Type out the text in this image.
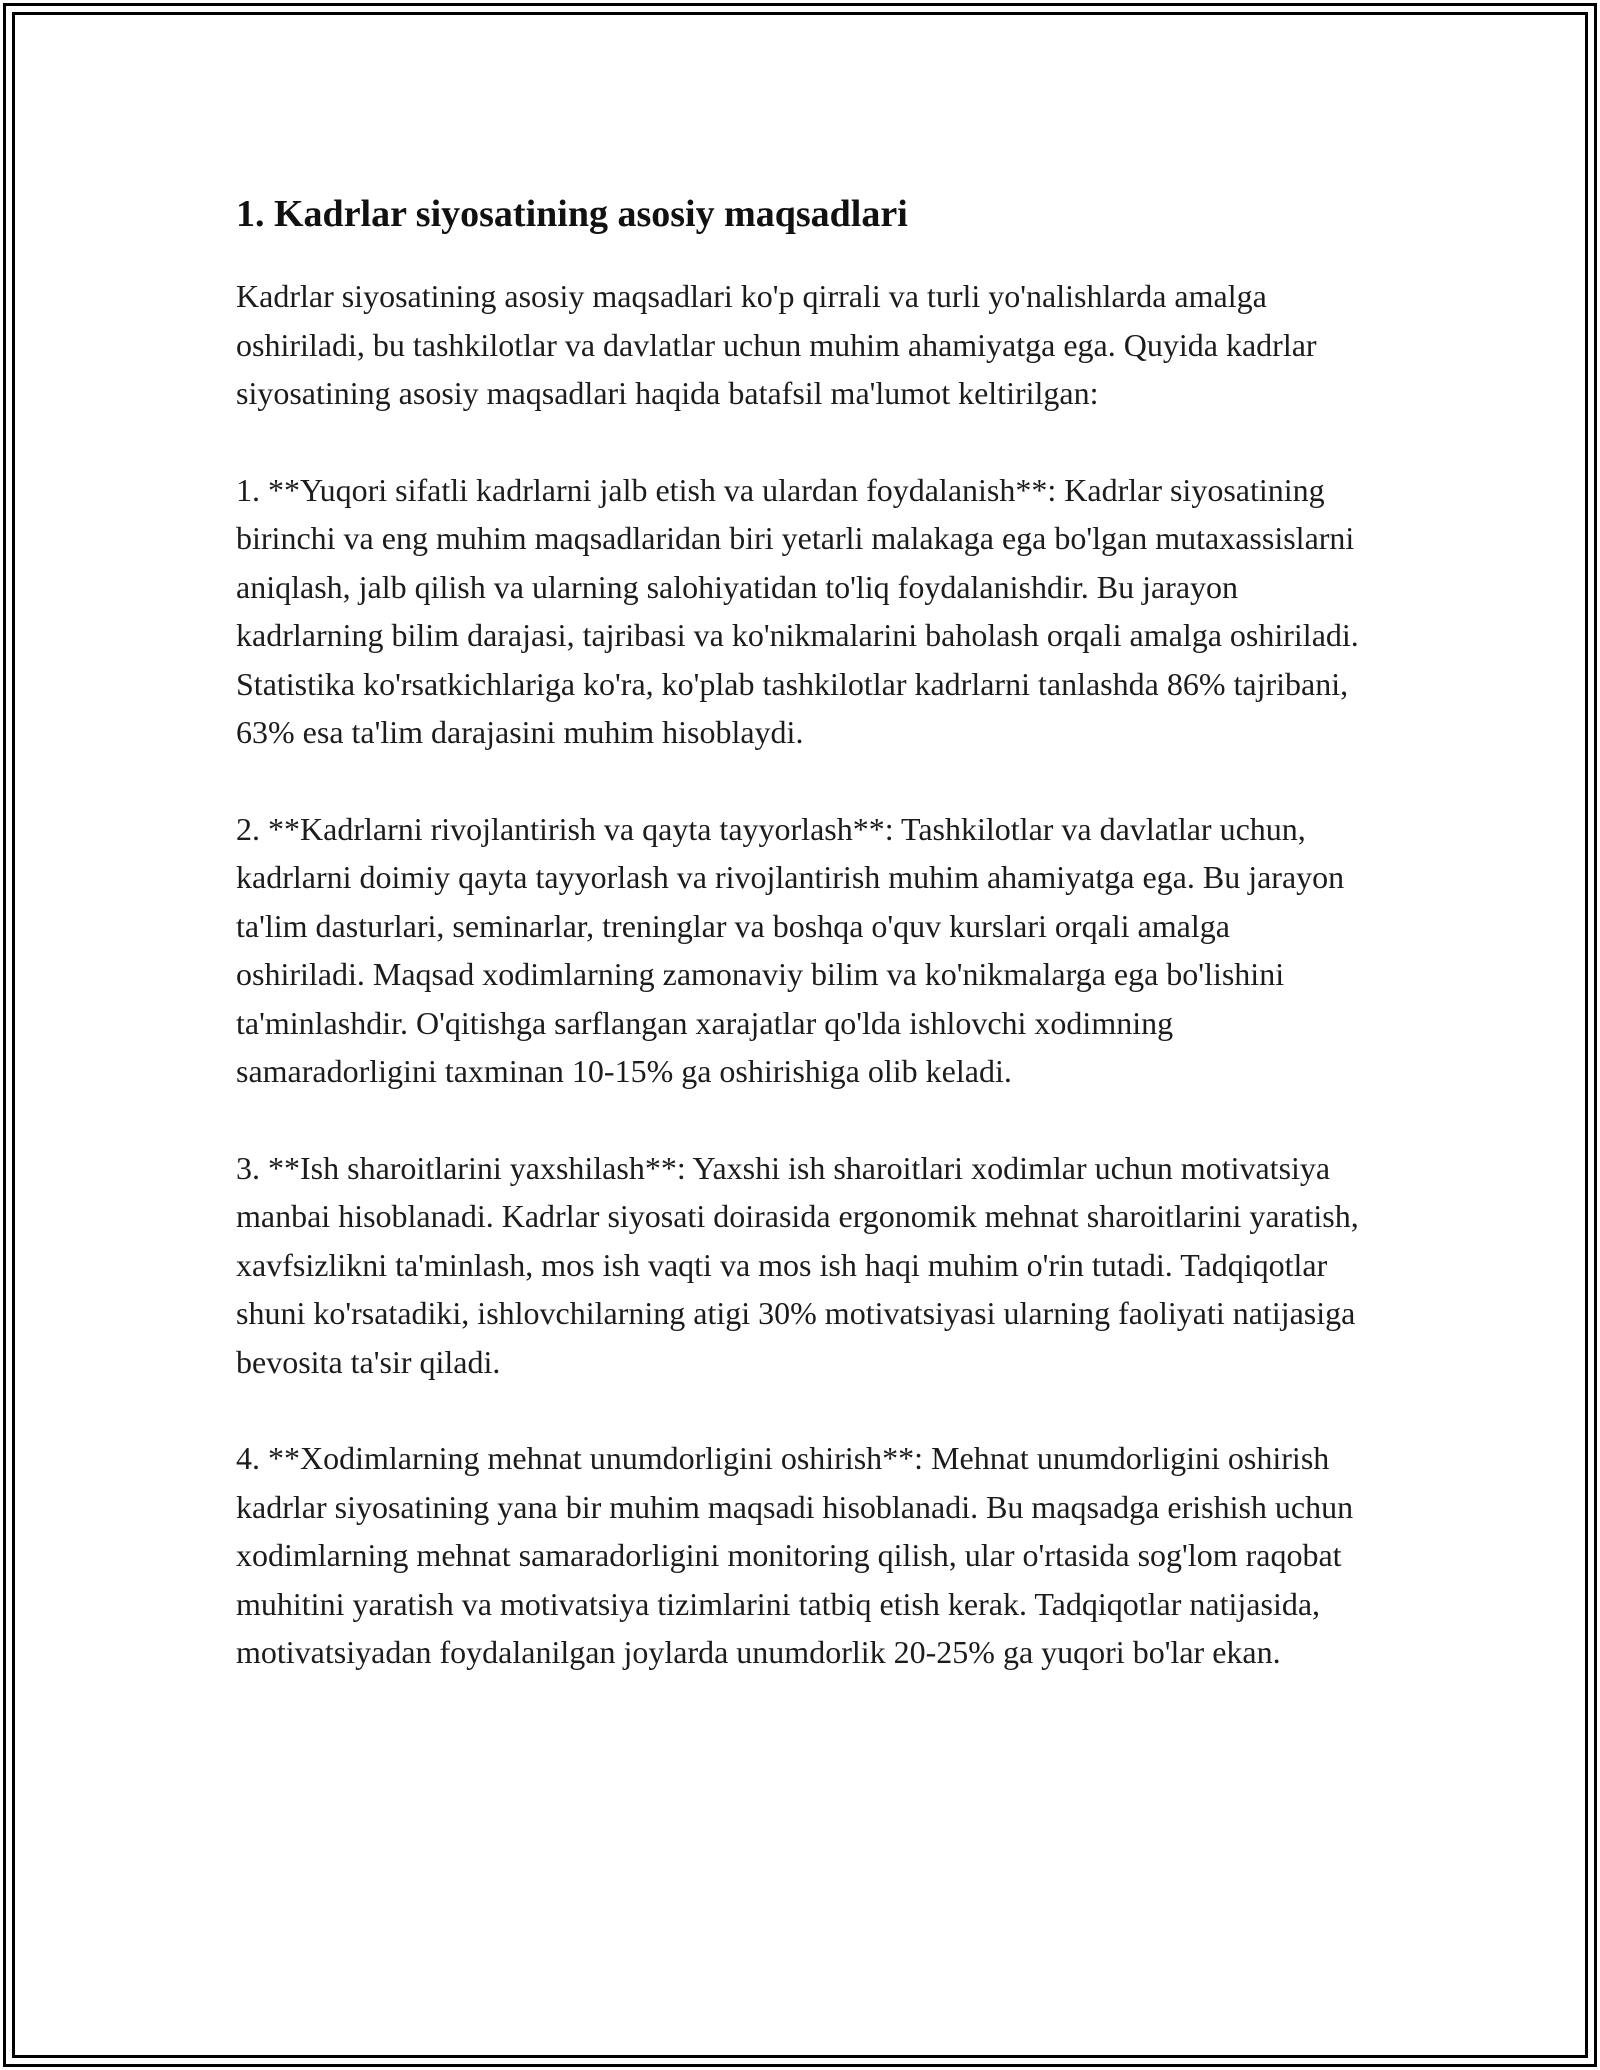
1. Kadrlar siyosatining asosiy maqsadlari

Kadrlar siyosatining asosiy maqsadlari ko'p qirrali va turli yo'nalishlarda amalga oshiriladi, bu tashkilotlar va davlatlar uchun muhim ahamiyatga ega. Quyida kadrlar siyosatining asosiy maqsadlari haqida batafsil ma'lumot keltirilgan:

1. **Yuqori sifatli kadrlarni jalb etish va ulardan foydalanish**: Kadrlar siyosatining birinchi va eng muhim maqsadlaridan biri yetarli malakaga ega bo'lgan mutaxassislarni aniqlash, jalb qilish va ularning salohiyatidan to'liq foydalanishdir. Bu jarayon kadrlarning bilim darajasi, tajribasi va ko'nikmalarini baholash orqali amalga oshiriladi. Statistika ko'rsatkichlariga ko'ra, ko'plab tashkilotlar kadrlarni tanlashda 86% tajribani, 63% esa ta'lim darajasini muhim hisoblaydi.

2. **Kadrlarni rivojlantirish va qayta tayyorlash**: Tashkilotlar va davlatlar uchun, kadrlarni doimiy qayta tayyorlash va rivojlantirish muhim ahamiyatga ega. Bu jarayon ta'lim dasturlari, seminarlar, treninglar va boshqa o'quv kurslari orqali amalga oshiriladi. Maqsad xodimlarning zamonaviy bilim va ko'nikmalarga ega bo'lishini ta'minlashdir. O'qitishga sarflangan xarajatlar qo'lda ishlovchi xodimning samaradorligini taxminan 10-15% ga oshirishiga olib keladi.

3. **Ish sharoitlarini yaxshilash**: Yaxshi ish sharoitlari xodimlar uchun motivatsiya manbai hisoblanadi. Kadrlar siyosati doirasida ergonomik mehnat sharoitlarini yaratish, xavfsizlikni ta'minlash, mos ish vaqti va mos ish haqi muhim o'rin tutadi. Tadqiqotlar shuni ko'rsatadiki, ishlovchilarning atigi 30% motivatsiyasi ularning faoliyati natijasiga bevosita ta'sir qiladi.

4. **Xodimlarning mehnat unumdorligini oshirish**: Mehnat unumdorligini oshirish kadrlar siyosatining yana bir muhim maqsadi hisoblanadi. Bu maqsadga erishish uchun xodimlarning mehnat samaradorligini monitoring qilish, ular o'rtasida sog'lom raqobat muhitini yaratish va motivatsiya tizimlarini tatbiq etish kerak. Tadqiqotlar natijasida, motivatsiyadan foydalanilgan joylarda unumdorlik 20-25% ga yuqori bo'lar ekan.
